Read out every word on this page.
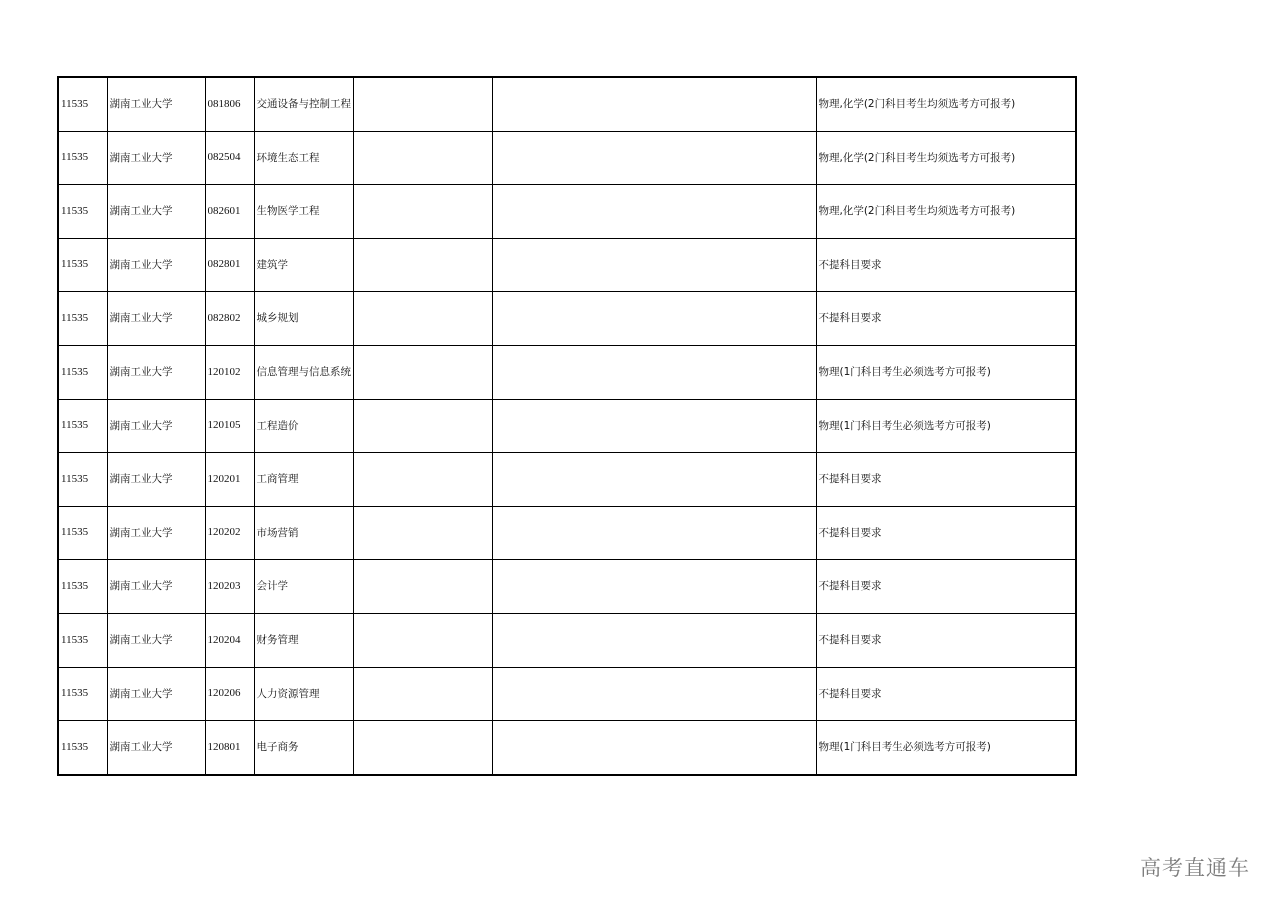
11535	湖南工业大学	081806	交通设备与控制工程			物理,化学(2门科目考生均须选考方可报考)
11535	湖南工业大学	082504	环境生态工程			物理,化学(2门科目考生均须选考方可报考)
11535	湖南工业大学	082601	生物医学工程			物理,化学(2门科目考生均须选考方可报考)
11535	湖南工业大学	082801	建筑学			不提科目要求
11535	湖南工业大学	082802	城乡规划			不提科目要求
11535	湖南工业大学	120102	信息管理与信息系统			物理(1门科目考生必须选考方可报考)
11535	湖南工业大学	120105	工程造价			物理(1门科目考生必须选考方可报考)
11535	湖南工业大学	120201	工商管理			不提科目要求
11535	湖南工业大学	120202	市场营销			不提科目要求
11535	湖南工业大学	120203	会计学			不提科目要求
11535	湖南工业大学	120204	财务管理			不提科目要求
11535	湖南工业大学	120206	人力资源管理			不提科目要求
11535	湖南工业大学	120801	电子商务			物理(1门科目考生必须选考方可报考)
高考直通车
